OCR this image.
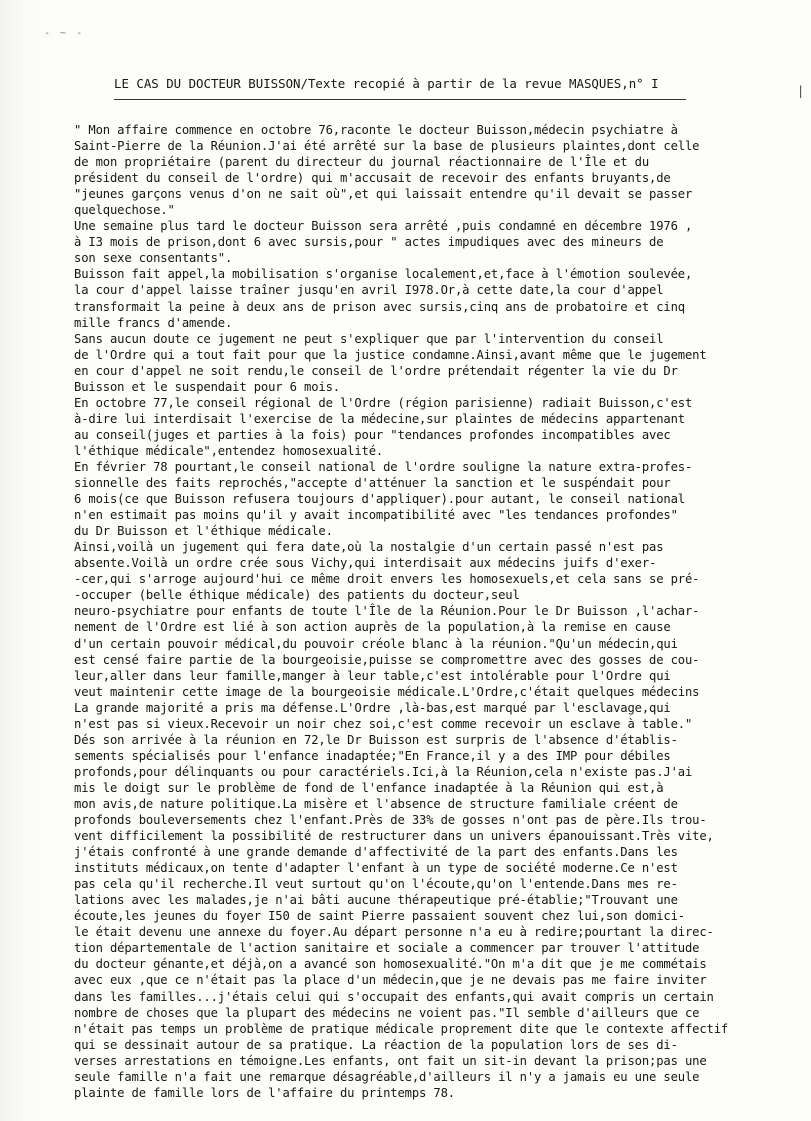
- ~ -
|
LE CAS DU DOCTEUR BUISSON/Texte recopié à partir de la revue MASQUES,n° I
" Mon affaire commence en octobre 76,raconte le docteur Buisson,médecin psychiatre à
Saint-Pierre de la Réunion.J'ai été arrêté sur la base de plusieurs plaintes,dont celle
de mon propriétaire (parent du directeur du journal réactionnaire de l'Île et du
président du conseil de l'ordre) qui m'accusait de recevoir des enfants bruyants,de
"jeunes garçons venus d'on ne sait où",et qui laissait entendre qu'il devait se passer
quelquechose."
Une semaine plus tard le docteur Buisson sera arrêté ,puis condamné en décembre 1976 ,
à I3 mois de prison,dont 6 avec sursis,pour " actes impudiques avec des mineurs de
son sexe consentants".
Buisson fait appel,la mobilisation s'organise localement,et,face à l'émotion soulevée,
la cour d'appel laisse traîner jusqu'en avril I978.Or,à cette date,la cour d'appel
transformait la peine à deux ans de prison avec sursis,cinq ans de probatoire et cinq
mille francs d'amende.
Sans aucun doute ce jugement ne peut s'expliquer que par l'intervention du conseil
de l'Ordre qui a tout fait pour que la justice condamne.Ainsi,avant même que le jugement
en cour d'appel ne soit rendu,le conseil de l'ordre prétendait régenter la vie du Dr
Buisson et le suspendait pour 6 mois.
En octobre 77,le conseil régional de l'Ordre (région parisienne) radiait Buisson,c'est
à-dire lui interdisait l'exercise de la médecine,sur plaintes de médecins appartenant
au conseil(juges et parties à la fois) pour "tendances profondes incompatibles avec
l'éthique médicale",entendez homosexualité.
En février 78 pourtant,le conseil national de l'ordre souligne la nature extra-profes-
sionnelle des faits reprochés,"accepte d'atténuer la sanction et le suspéndait pour
6 mois(ce que Buisson refusera toujours d'appliquer).pour autant, le conseil national
n'en estimait pas moins qu'il y avait incompatibilité avec "les tendances profondes"
du Dr Buisson et l'éthique médicale.
Ainsi,voilà un jugement qui fera date,où la nostalgie d'un certain passé n'est pas
absente.Voilà un ordre crée sous Vichy,qui interdisait aux médecins juifs d'exer-
-cer,qui s'arroge aujourd'hui ce même droit envers les homosexuels,et cela sans se pré-
-occuper (belle éthique médicale) des patients du docteur,seul
neuro-psychiatre pour enfants de toute l'Île de la Réunion.Pour le Dr Buisson ,l'achar-
nement de l'Ordre est lié à son action auprès de la population,à la remise en cause
d'un certain pouvoir médical,du pouvoir créole blanc à la réunion."Qu'un médecin,qui
est censé faire partie de la bourgeoisie,puisse se compromettre avec des gosses de cou-
leur,aller dans leur famille,manger à leur table,c'est intolérable pour l'Ordre qui
veut maintenir cette image de la bourgeoisie médicale.L'Ordre,c'était quelques médecins
La grande majorité a pris ma défense.L'Ordre ,là-bas,est marqué par l'esclavage,qui
n'est pas si vieux.Recevoir un noir chez soi,c'est comme recevoir un esclave à table."
Dés son arrivée à la réunion en 72,le Dr Buisson est surpris de l'absence d'établis-
sements spécialisés pour l'enfance inadaptée;"En France,il y a des IMP pour débiles
profonds,pour délinquants ou pour caractériels.Ici,à la Réunion,cela n'existe pas.J'ai
mis le doigt sur le problème de fond de l'enfance inadaptée à la Réunion qui est,à
mon avis,de nature politique.La misère et l'absence de structure familiale créent de
profonds bouleversements chez l'enfant.Près de 33% de gosses n'ont pas de père.Ils trou-
vent difficilement la possibilité de restructurer dans un univers épanouissant.Très vite,
j'étais confronté à une grande demande d'affectivité de la part des enfants.Dans les
instituts médicaux,on tente d'adapter l'enfant à un type de société moderne.Ce n'est
pas cela qu'il recherche.Il veut surtout qu'on l'écoute,qu'on l'entende.Dans mes re-
lations avec les malades,je n'ai bâti aucune thérapeutique pré-établie;"Trouvant une
écoute,les jeunes du foyer I50 de saint Pierre passaient souvent chez lui,son domici-
le était devenu une annexe du foyer.Au départ personne n'a eu à redire;pourtant la direc-
tion départementale de l'action sanitaire et sociale a commencer par trouver l'attitude
du docteur génante,et déjà,on a avancé son homosexualité."On m'a dit que je me commétais
avec eux ,que ce n'était pas la place d'un médecin,que je ne devais pas me faire inviter
dans les familles...j'étais celui qui s'occupait des enfants,qui avait compris un certain
nombre de choses que la plupart des médecins ne voient pas."Il semble d'ailleurs que ce
n'était pas temps un problème de pratique médicale proprement dite que le contexte affectif
qui se dessinait autour de sa pratique. La réaction de la population lors de ses di-
verses arrestations en témoigne.Les enfants, ont fait un sit-in devant la prison;pas une
seule famille n'a fait une remarque désagréable,d'ailleurs il n'y a jamais eu une seule
plainte de famille lors de l'affaire du printemps 78.
